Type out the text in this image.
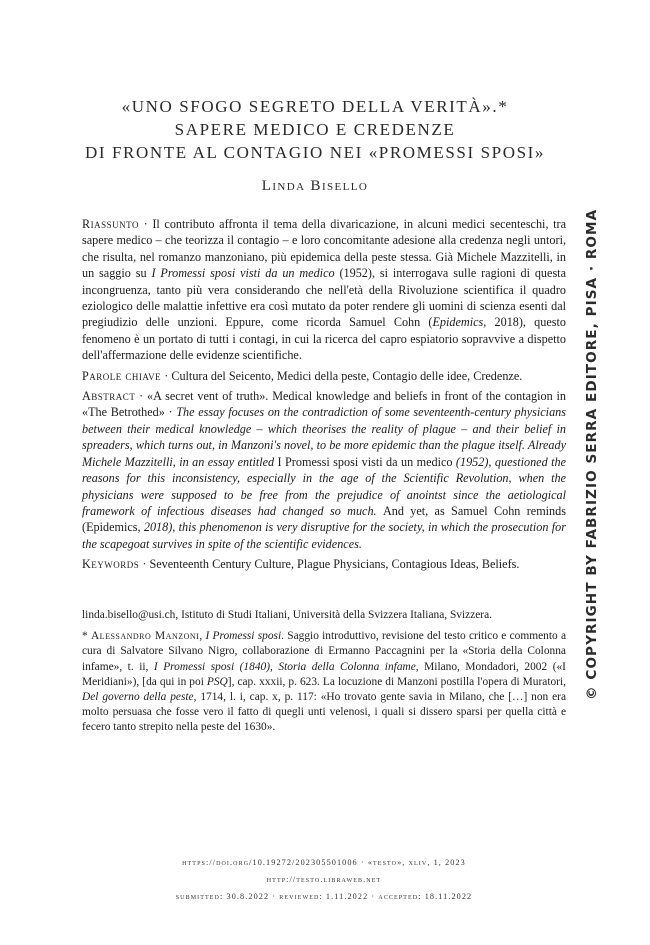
«UNO SFOGO SEGRETO DELLA VERITÀ».*
SAPERE MEDICO E CREDENZE
DI FRONTE AL CONTAGIO NEI «PROMESSI SPOSI»
Linda Bisello

Riassunto · Il contributo affronta il tema della divaricazione, in alcuni medici secenteschi, tra sapere medico – che teorizza il contagio – e loro concomitante adesione alla credenza negli untori, che risulta, nel romanzo manzoniano, più epidemica della peste stessa. Già Michele Mazzitelli, in un saggio su I Promessi sposi visti da un medico (1952), si interrogava sulle ragioni di questa incongruenza, tanto più vera considerando che nell'età della Rivoluzione scientifica il quadro eziologico delle malattie infettive era così mutato da poter rendere gli uomini di scienza esenti dal pregiudizio delle unzioni. Eppure, come ricorda Samuel Cohn (Epidemics, 2018), questo fenomeno è un portato di tutti i contagi, in cui la ricerca del capro espiatorio sopravvive a dispetto dell'affermazione delle evidenze scientifiche.

Parole chiave · Cultura del Seicento, Medici della peste, Contagio delle idee, Credenze.

Abstract · «A secret vent of truth». Medical knowledge and beliefs in front of the contagion in «The Betrothed» · The essay focuses on the contradiction of some seventeenth-century physicians between their medical knowledge – which theorises the reality of plague – and their belief in spreaders, which turns out, in Manzoni's novel, to be more epidemic than the plague itself. Already Michele Mazzitelli, in an essay entitled I Promessi sposi visti da un medico (1952), questioned the reasons for this inconsistency, especially in the age of the Scientific Revolution, when the physicians were supposed to be free from the prejudice of anointst since the aetiological framework of infectious diseases had changed so much. And yet, as Samuel Cohn reminds (Epidemics, 2018), this phenomenon is very disruptive for the society, in which the prosecution for the scapegoat survives in spite of the scientific evidences.

Keywords · Seventeenth Century Culture, Plague Physicians, Contagious Ideas, Beliefs.

linda.bisello@usi.ch, Istituto di Studi Italiani, Università della Svizzera Italiana, Svizzera.

* Alessandro Manzoni, I Promessi sposi. Saggio introduttivo, revisione del testo critico e commento a cura di Salvatore Silvano Nigro, collaborazione di Ermanno Paccagnini per la «Storia della Colonna infame», t. ii, I Promessi sposi (1840), Storia della Colonna infame, Milano, Mondadori, 2002 («I Meridiani»), [da qui in poi PSQ], cap. xxxii, p. 623. La locuzione di Manzoni postilla l'opera di Muratori, Del governo della peste, 1714, l. i, cap. x, p. 117: «Ho trovato gente savia in Milano, che […] non era molto persuasa che fosse vero il fatto di quegli unti velenosi, i quali si dissero sparsi per quella città e fecero tanto strepito nella peste del 1630».

https://doi.org/10.19272/202305501006 · «testo», xliv, 1, 2023
http://testo.libraweb.net
submitted: 30.8.2022 · reviewed: 1.11.2022 · accepted: 18.11.2022
© COPYRIGHT BY FABRIZIO SERRA EDITORE, PISA · ROMA
